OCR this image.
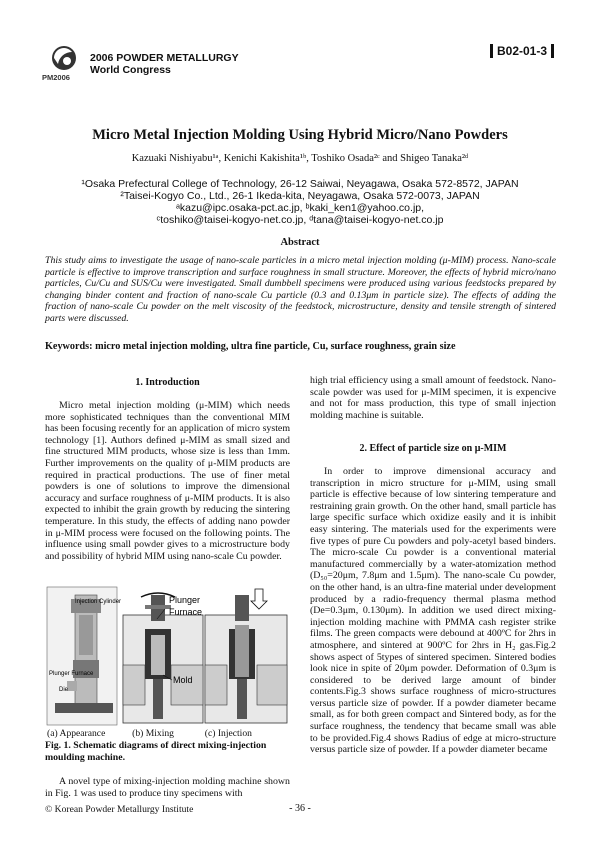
PM2006
2006 POWDER METALLURGY
World Congress
B02-01-3
Micro Metal Injection Molding Using Hybrid Micro/Nano Powders
Kazuaki Nishiyabu¹ᵃ, Kenichi Kakishita¹ᵇ, Toshiko Osada²ᶜ and Shigeo Tanaka²ᵈ
¹Osaka Prefectural College of Technology, 26-12 Saiwai, Neyagawa, Osaka 572-8572, JAPAN
²Taisei-Kogyo Co., Ltd., 26-1 Ikeda-kita, Neyagawa, Osaka 572-0073, JAPAN
ᵃkazu@ipc.osaka-pct.ac.jp, ᵇkaki_ken1@yahoo.co.jp,
ᶜtoshiko@taisei-kogyo-net.co.jp, ᵈtana@taisei-kogyo-net.co.jp
Abstract
This study aims to investigate the usage of nano-scale particles in a micro metal injection molding (μ-MIM) process. Nano-scale particle is effective to improve transcription and surface roughness in small structure. Moreover, the effects of hybrid micro/nano particles, Cu/Cu and SUS/Cu were investigated. Small dumbbell specimens were produced using various feedstocks prepared by changing binder content and fraction of nano-scale Cu particle (0.3 and 0.13μm in particle size). The effects of adding the fraction of nano-scale Cu powder on the melt viscosity of the feedstock, microstructure, density and tensile strength of sintered parts were discussed.
Keywords: micro metal injection molding, ultra fine particle, Cu, surface roughness, grain size
1. Introduction
Micro metal injection molding (μ-MIM) which needs more sophisticated techniques than the conventional MIM has been focusing recently for an application of micro system technology [1]. Authors defined μ-MIM as small sized and fine structured MIM products, whose size is less than 1mm. Further improvements on the quality of μ-MIM products are required in practical productions. The use of finer metal powders is one of solutions to improve the dimensional accuracy and surface roughness of μ-MIM products. It is also expected to inhibit the grain growth by reducing the sintering temperature. In this study, the effects of adding nano powder in μ-MIM process were focused on the following points. The influence using small powder gives to a microstructure body and possibility of hybrid MIM using nano-scale Cu powder.
Injection Cylinder
Plunger Furnace
Die
Plunger
Furnace
Mold
(a) Appearance	(b) Mixing	(c) Injection
Fig. 1. Schematic diagrams of direct mixing-injection moulding machine.
A novel type of mixing-injection molding machine shown in Fig. 1 was used to produce tiny specimens with
high trial efficiency using a small amount of feedstock. Nano-scale powder was used for μ-MIM specimen, it is expencive and not for mass production, this type of small injection molding machine is suitable.
2. Effect of particle size on μ-MIM
In order to improve dimensional accuracy and transcription in micro structure for μ-MIM, using small particle is effective because of low sintering temperature and restraining grain growth. On the other hand, small particle has large specific surface which oxidize easily and it is inhibit easy sintering. The materials used for the experiments were five types of pure Cu powders and poly-acetyl based binders. The micro-scale Cu powder is a conventional material manufactured commercially by a water-atomization method (D₅₀=20μm, 7.8μm and 1.5μm). The nano-scale Cu powder, on the other hand, is an ultra-fine material under development produced by a radio-frequency thermal plasma method (De=0.3μm, 0.130μm). In addition we used direct mixing-injection molding machine with PMMA cash register strike films. The green compacts were debound at 400ºC for 2hrs in atmosphere, and sintered at 900ºC for 2hrs in H₂ gas.Fig.2 shows aspect of 5types of sintered specimen. Sintered bodies look nice in spite of 20μm powder. Deformation of 0.3μm is considered to be derived large amount of binder contents.Fig.3 shows surface roughness of micro-structures versus particle size of powder. If a powder diameter became small, as for both green compact and Sintered body, as for the surface roughness, the tendency that became small was able to be provided.Fig.4 shows Radius of edge at micro-structure versus particle size of powder. If a powder diameter became
© Korean Powder Metallurgy Institute	- 36 -
